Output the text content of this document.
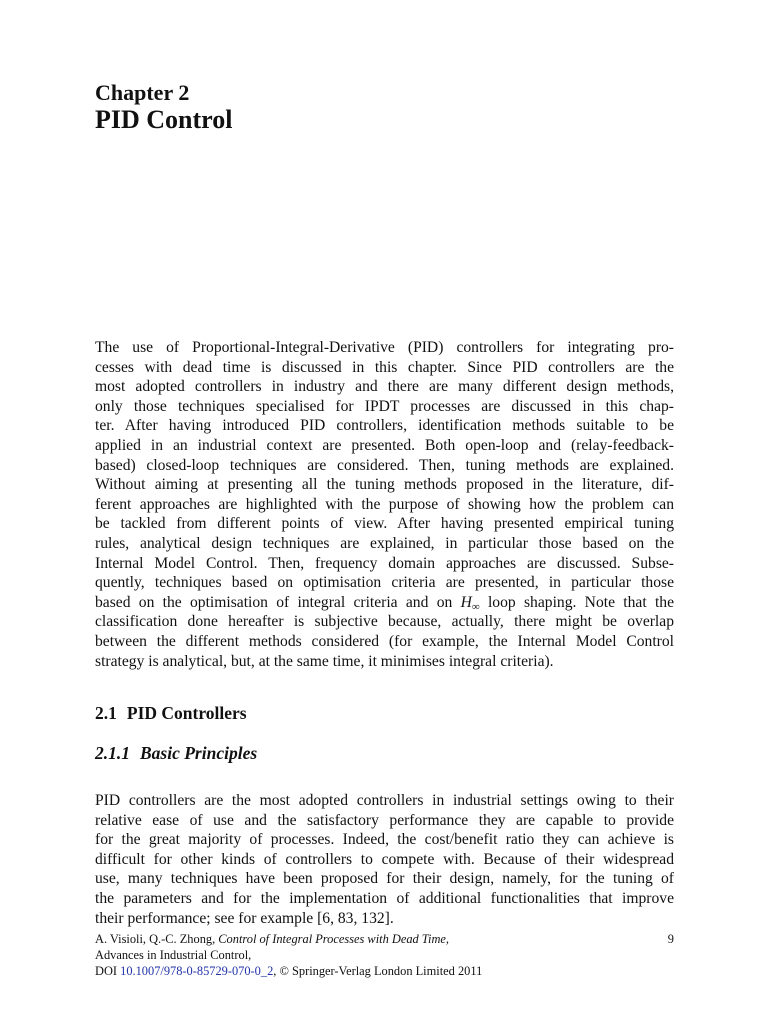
Chapter 2
PID Control
The use of Proportional-Integral-Derivative (PID) controllers for integrating pro-
cesses with dead time is discussed in this chapter. Since PID controllers are the
most adopted controllers in industry and there are many different design methods,
only those techniques specialised for IPDT processes are discussed in this chap-
ter. After having introduced PID controllers, identification methods suitable to be
applied in an industrial context are presented. Both open-loop and (relay-feedback-
based) closed-loop techniques are considered. Then, tuning methods are explained.
Without aiming at presenting all the tuning methods proposed in the literature, dif-
ferent approaches are highlighted with the purpose of showing how the problem can
be tackled from different points of view. After having presented empirical tuning
rules, analytical design techniques are explained, in particular those based on the
Internal Model Control. Then, frequency domain approaches are discussed. Subse-
quently, techniques based on optimisation criteria are presented, in particular those
based on the optimisation of integral criteria and on $H_\infty$ loop shaping. Note that the
classification done hereafter is subjective because, actually, there might be overlap
between the different methods considered (for example, the Internal Model Control
strategy is analytical, but, at the same time, it minimises integral criteria).
2.1 PID Controllers
2.1.1 Basic Principles
PID controllers are the most adopted controllers in industrial settings owing to their
relative ease of use and the satisfactory performance they are capable to provide
for the great majority of processes. Indeed, the cost/benefit ratio they can achieve is
difficult for other kinds of controllers to compete with. Because of their widespread
use, many techniques have been proposed for their design, namely, for the tuning of
the parameters and for the implementation of additional functionalities that improve
their performance; see for example [6, 83, 132].
A. Visioli, Q.-C. Zhong, Control of Integral Processes with Dead Time,
Advances in Industrial Control,
DOI 10.1007/978-0-85729-070-0_2, © Springer-Verlag London Limited 2011
9
